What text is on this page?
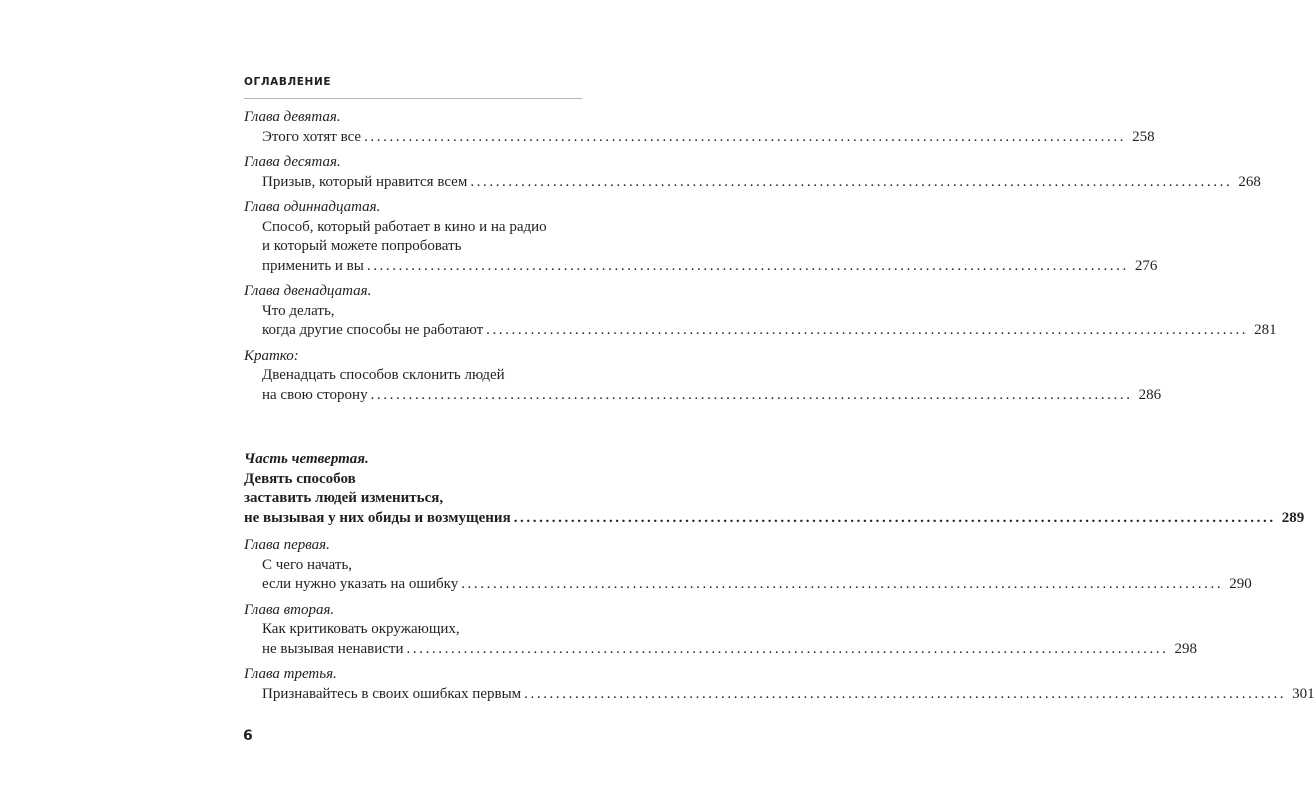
ОГЛАВЛЕНИЕ
Глава девятая.
Этого хотят все ........................................................................................................................ 258
Глава десятая.
Призыв, который нравится всем ........................................................................................................................ 268
Глава одиннадцатая.
Способ, который работает в кино и на радио
и который можете попробовать
применить и вы ........................................................................................................................ 276
Глава двенадцатая.
Что делать,
когда другие способы не работают ........................................................................................................................ 281
Кратко:
Двенадцать способов склонить людей
на свою сторону ........................................................................................................................ 286
Часть четвертая.
Девять способов
заставить людей измениться,
не вызывая у них обиды и возмущения ........................................................................................................................ 289
Глава первая.
С чего начать,
если нужно указать на ошибку ........................................................................................................................ 290
Глава вторая.
Как критиковать окружающих,
не вызывая ненависти ........................................................................................................................ 298
Глава третья.
Признавайтесь в своих ошибках первым ........................................................................................................................ 301
6
